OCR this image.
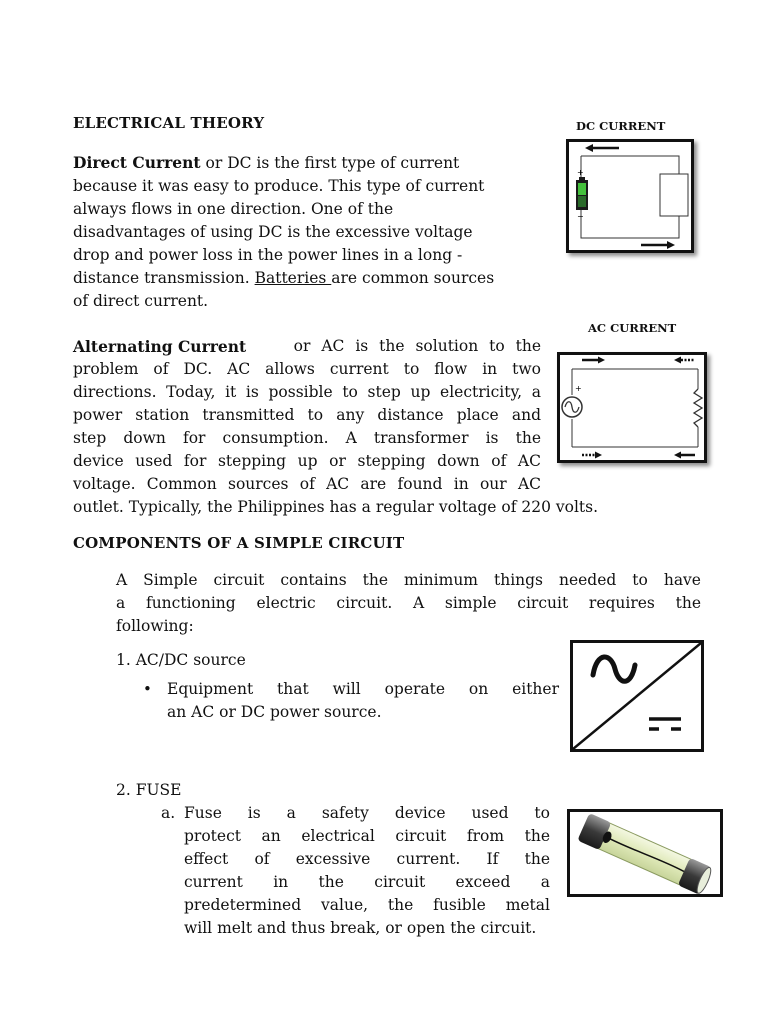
ELECTRICAL THEORY
Direct Current or DC is the first type of current
because it was easy to produce. This type of current
always flows in one direction. One of the
disadvantages of using DC is the excessive voltage
drop and power loss in the power lines in a long -
distance transmission. Batteries are common sources
of direct current.
DC CURRENT
+
−
Alternating Current	or AC is the solution to the
problem of DC. AC allows current to flow in two
directions. Today, it is possible to step up electricity, a
power station transmitted to any distance place and
step down for consumption. A transformer is the
device used for stepping up or stepping down of AC
voltage. Common sources of AC are found in our AC
outlet. Typically, the Philippines has a regular voltage of 220 volts.
AC CURRENT
+
COMPONENTS OF A SIMPLE CIRCUIT
A Simple circuit contains the minimum things needed to have
a functioning electric circuit. A simple circuit requires the
following:
1. AC/DC source
• Equipment that will operate on either
an AC or DC power source.
2. FUSE
a. Fuse is a safety device used to
protect an electrical circuit from the
effect of excessive current. If the
current in the circuit exceed a
predetermined value, the fusible metal
will melt and thus break, or open the circuit.
